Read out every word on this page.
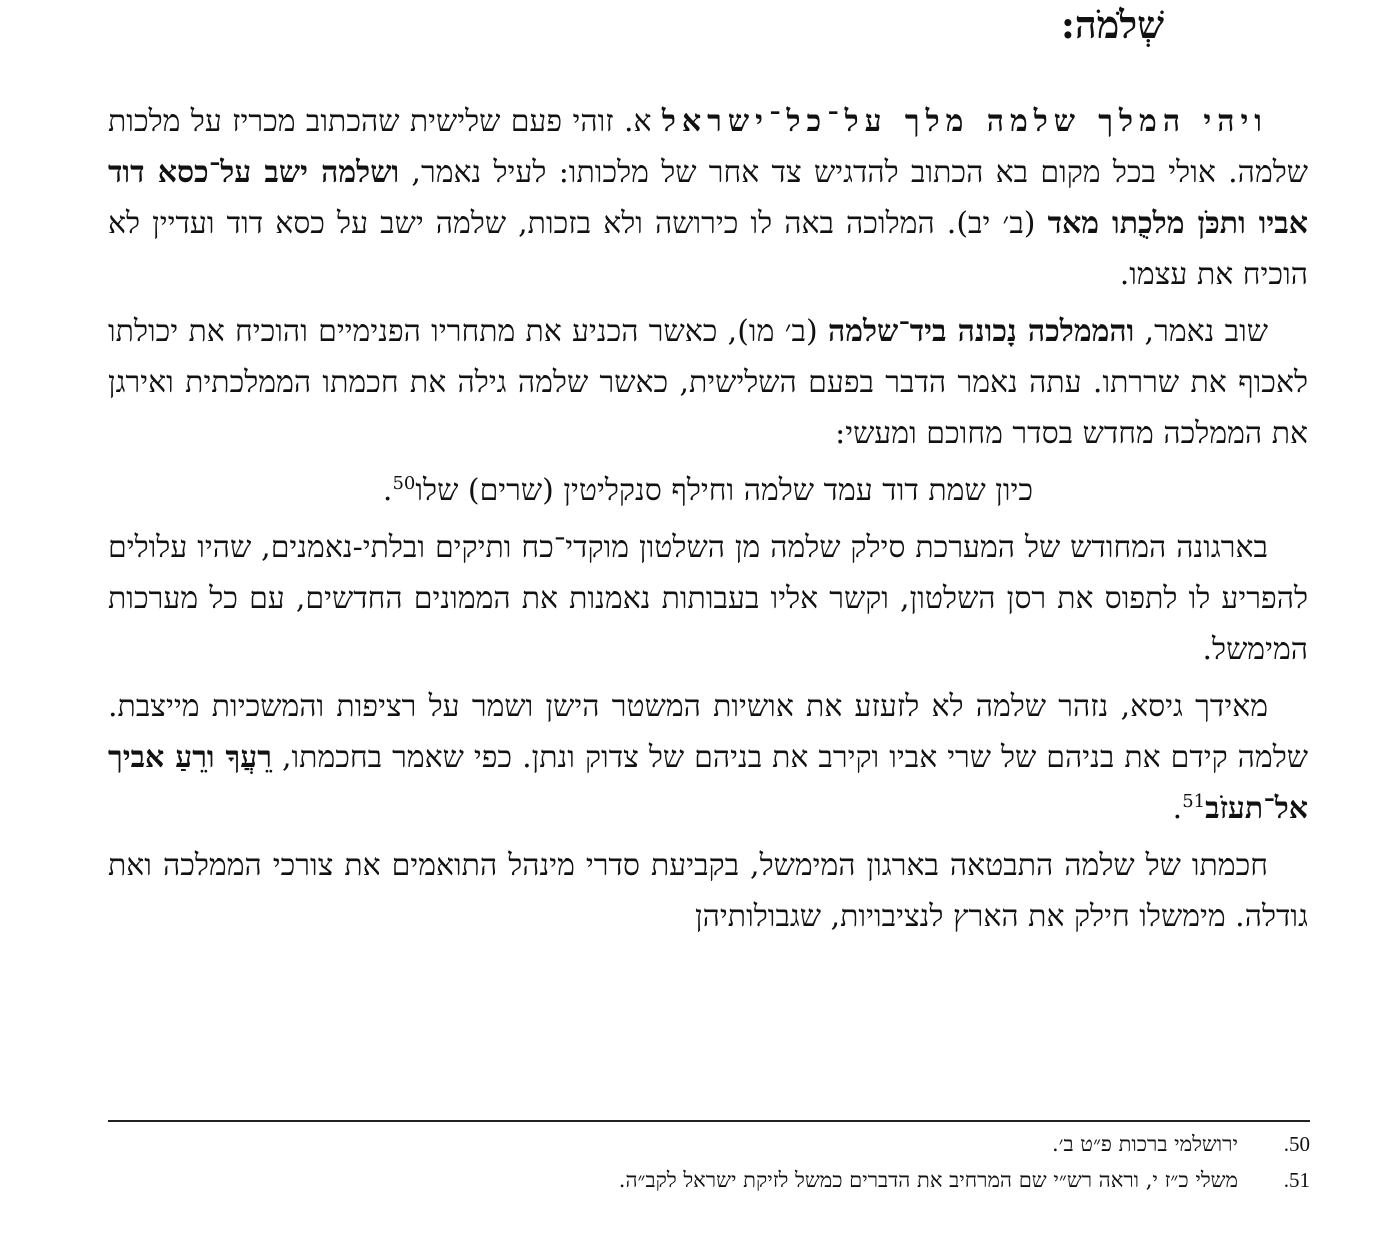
שְׁלֹמֹה:

ויהי המלך שלמה מלך על־כל־ישראל א. זוהי פעם שלישית שהכתוב מכריז על מלכות שלמה. אולי בכל מקום בא הכתוב להדגיש צד אחר של מלכותו: לעיל נאמר, ושלמה ישב על־כסא דוד אביו ותכֹּן מלכֻתו מאד (ב׳ יב). המלוכה באה לו כירושה ולא בזכות, שלמה ישב על כסא דוד ועדיין לא הוכיח את עצמו.

שוב נאמר, והממלכה נָכונה ביד־שלמה (ב׳ מו), כאשר הכניע את מתחריו הפנימיים והוכיח את יכולתו לאכוף את שררתו. עתה נאמר הדבר בפעם השלישית, כאשר שלמה גילה את חכמתו הממלכתית ואירגן את הממלכה מחדש בסדר מחוכם ומעשי:

כיון שמת דוד עמד שלמה וחילף סנקליטין (שרים) שלו$^{50}$.

בארגונה המחודש של המערכת סילק שלמה מן השלטון מוקדי־כח ותיקים ובלתי-נאמנים, שהיו עלולים להפריע לו לתפוס את רסן השלטון, וקשר אליו בעבותות נאמנות את הממונים החדשים, עם כל מערכות המימשל.

מאידך גיסא, נזהר שלמה לא לזעזע את אושיות המשטר הישן ושמר על רציפות והמשכיות מייצבת. שלמה קידם את בניהם של שרי אביו וקירב את בניהם של צדוק ונתן. כפי שאמר בחכמתו, רֵעֲךָ ורֵעַ אביך אל־תעזֹב$^{51}$.

חכמתו של שלמה התבטאה בארגון המימשל, בקביעת סדרי מינהל התואמים את צורכי הממלכה ואת גודלה. מימשלו חילק את הארץ לנציבויות, שגבולותיהן

.50
ירושלמי ברכות פ״ט ב׳.
.51
משלי כ״ז י, וראה רש״י שם המרחיב את הדברים כמשל לזיקת ישראל לקב״ה.
